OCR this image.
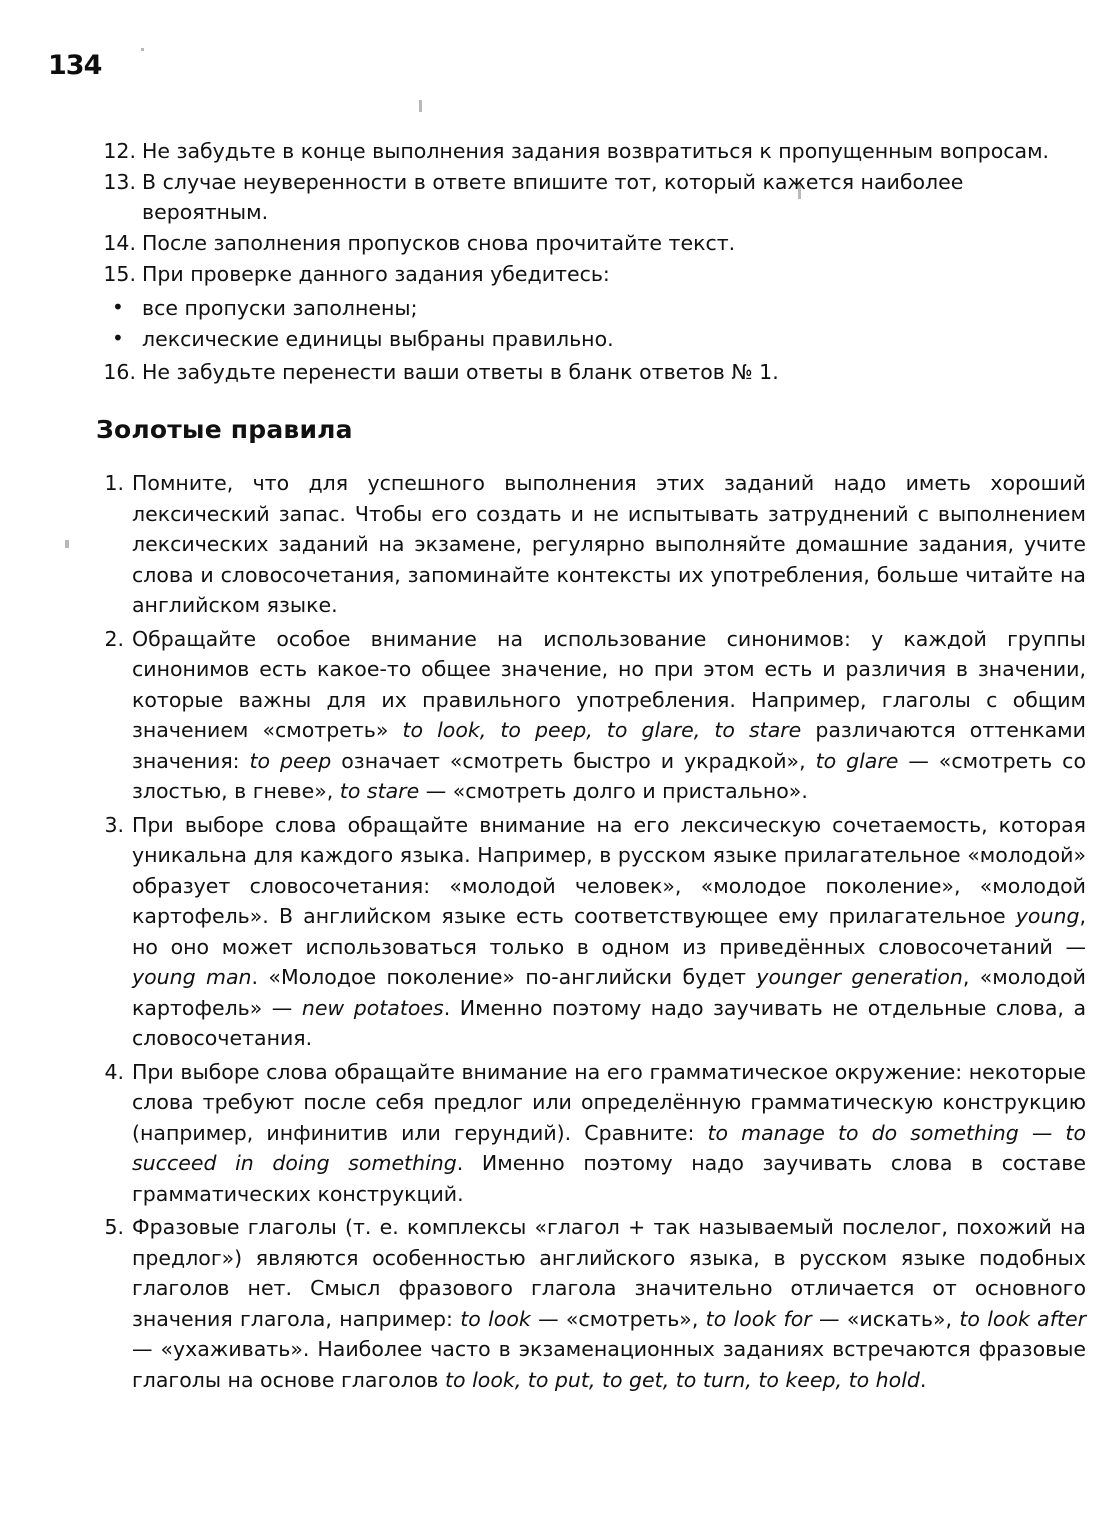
134
12. Не забудьте в конце выполнения задания возвратиться к пропущенным вопросам.
13. В случае неуверенности в ответе впишите тот, который кажется наиболее вероятным.
14. После заполнения пропусков снова прочитайте текст.
15. При проверке данного задания убедитесь:
• все пропуски заполнены;
• лексические единицы выбраны правильно.
16. Не забудьте перенести ваши ответы в бланк ответов № 1.
Золотые правила
1. Помните, что для успешного выполнения этих заданий надо иметь хороший лексический запас. Чтобы его создать и не испытывать затруднений с выполнением лексических заданий на экзамене, регулярно выполняйте домашние задания, учите слова и словосочетания, запоминайте контексты их употребления, больше читайте на английском языке.

2. Обращайте особое внимание на использование синонимов: у каждой группы синонимов есть какое-то общее значение, но при этом есть и различия в значении, которые важны для их правильного употребления. Например, глаголы с общим значением «смотреть» to look, to peep, to glare, to stare различаются оттенками значения: to peep означает «смотреть быстро и украдкой», to glare — «смотреть со злостью, в гневе», to stare — «смотреть долго и пристально».

3. При выборе слова обращайте внимание на его лексическую сочетаемость, которая уникальна для каждого языка. Например, в русском языке прилагательное «молодой» образует словосочетания: «молодой человек», «молодое поколение», «молодой картофель». В английском языке есть соответствующее ему прилагательное young, но оно может использоваться только в одном из приведённых словосочетаний — young man. «Молодое поколение» по-английски будет younger generation, «молодой картофель» — new potatoes. Именно поэтому надо заучивать не отдельные слова, а словосочетания.

4. При выборе слова обращайте внимание на его грамматическое окружение: некоторые слова требуют после себя предлог или определённую грамматическую конструкцию (например, инфинитив или герундий). Сравните: to manage to do something — to succeed in doing something. Именно поэтому надо заучивать слова в составе грамматических конструкций.

5. Фразовые глаголы (т. е. комплексы «глагол + так называемый послелог, похожий на предлог») являются особенностью английского языка, в русском языке подобных глаголов нет. Смысл фразового глагола значительно отличается от основного значения глагола, например: to look — «смотреть», to look for — «искать», to look after — «ухаживать». Наиболее часто в экзаменационных заданиях встречаются фразовые глаголы на основе глаголов to look, to put, to get, to turn, to keep, to hold.
